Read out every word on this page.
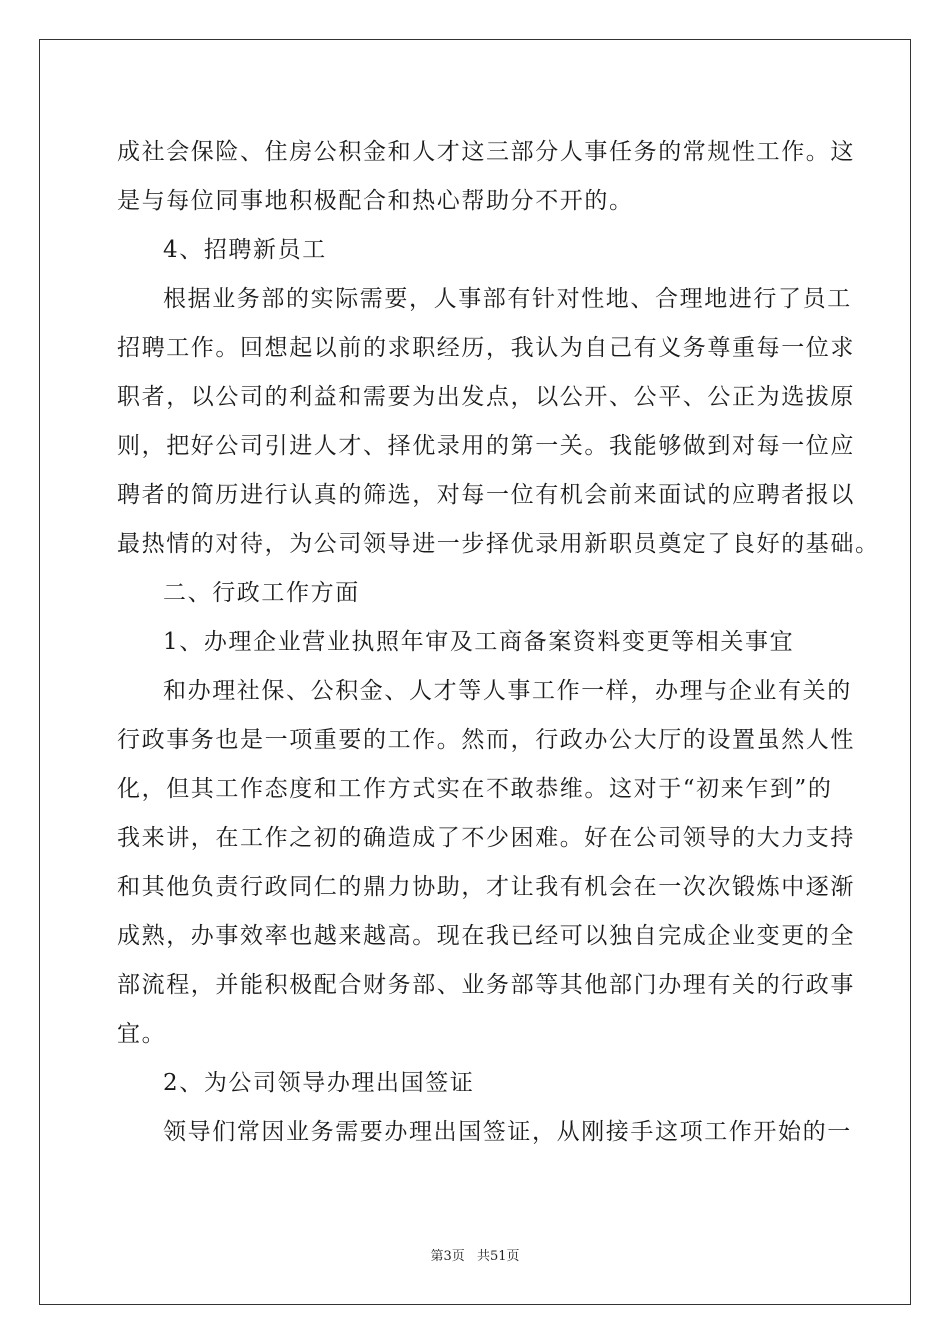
成社会保险、住房公积金和人才这三部分人事任务的常规性工作。这
是与每位同事地积极配合和热心帮助分不开的。
4、招聘新员工
根据业务部的实际需要，人事部有针对性地、合理地进行了员工
招聘工作。回想起以前的求职经历，我认为自己有义务尊重每一位求
职者，以公司的利益和需要为出发点，以公开、公平、公正为选拔原
则，把好公司引进人才、择优录用的第一关。我能够做到对每一位应
聘者的简历进行认真的筛选，对每一位有机会前来面试的应聘者报以
最热情的对待，为公司领导进一步择优录用新职员奠定了良好的基础。
二、行政工作方面
1、办理企业营业执照年审及工商备案资料变更等相关事宜
和办理社保、公积金、人才等人事工作一样，办理与企业有关的
行政事务也是一项重要的工作。然而，行政办公大厅的设置虽然人性
化，但其工作态度和工作方式实在不敢恭维。这对于“初来乍到”的
我来讲，在工作之初的确造成了不少困难。好在公司领导的大力支持
和其他负责行政同仁的鼎力协助，才让我有机会在一次次锻炼中逐渐
成熟，办事效率也越来越高。现在我已经可以独自完成企业变更的全
部流程，并能积极配合财务部、业务部等其他部门办理有关的行政事
宜。
2、为公司领导办理出国签证
领导们常因业务需要办理出国签证，从刚接手这项工作开始的一
第3页 共51页
